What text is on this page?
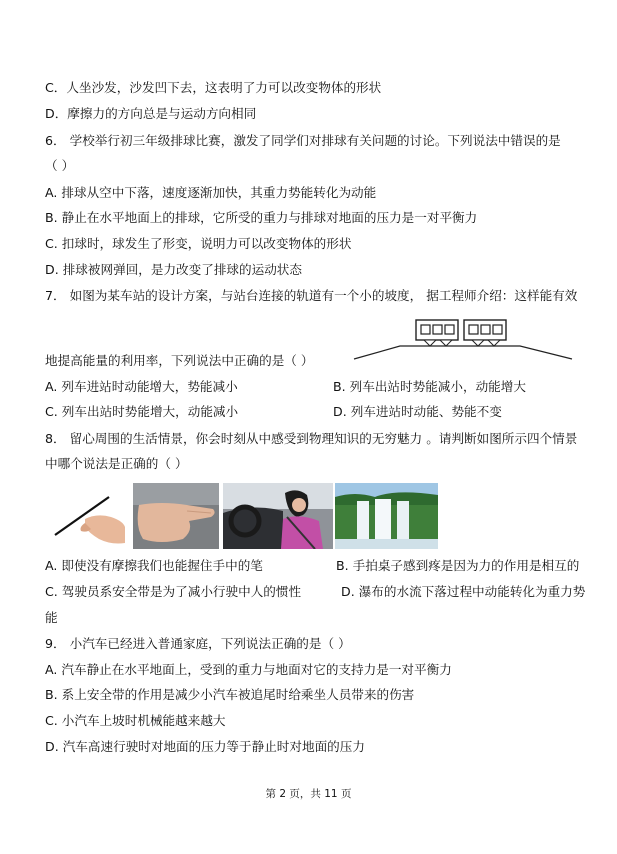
C．人坐沙发，沙发凹下去，这表明了力可以改变物体的形状
D．摩擦力的方向总是与运动方向相同
6． 学校举行初三年级排球比赛，激发了同学们对排球有关问题的讨论。下列说法中错误的是
（ ）
A. 排球从空中下落，速度逐渐加快，其重力势能转化为动能
B. 静止在水平地面上的排球，它所受的重力与排球对地面的压力是一对平衡力
C. 扣球时，球发生了形变，说明力可以改变物体的形状
D. 排球被网弹回，是力改变了排球的运动状态
7． 如图为某车站的设计方案，与站台连接的轨道有一个小的坡度， 据工程师介绍：这样能有效
地提高能量的利用率，下列说法中正确的是（ ）
A. 列车进站时动能增大，势能减小	B. 列车出站时势能减小，动能增大
C. 列车出站时势能增大，动能减小	D. 列车进站时动能、势能不变
8． 留心周围的生活情景，你会时刻从中感受到物理知识的无穷魅力 。请判断如图所示四个情景
中哪个说法是正确的（ ）
A. 即使没有摩擦我们也能握住手中的笔	B. 手拍桌子感到疼是因为力的作用是相互的
C. 驾驶员系安全带是为了减小行驶中人的惯性	D. 瀑布的水流下落过程中动能转化为重力势
能
9． 小汽车已经进入普通家庭，下列说法正确的是（ ）
A. 汽车静止在水平地面上，受到的重力与地面对它的支持力是一对平衡力
B. 系上安全带的作用是减少小汽车被追尾时给乘坐人员带来的伤害
C. 小汽车上坡时机械能越来越大
D. 汽车高速行驶时对地面的压力等于静止时对地面的压力
第 2 页，共 11 页
